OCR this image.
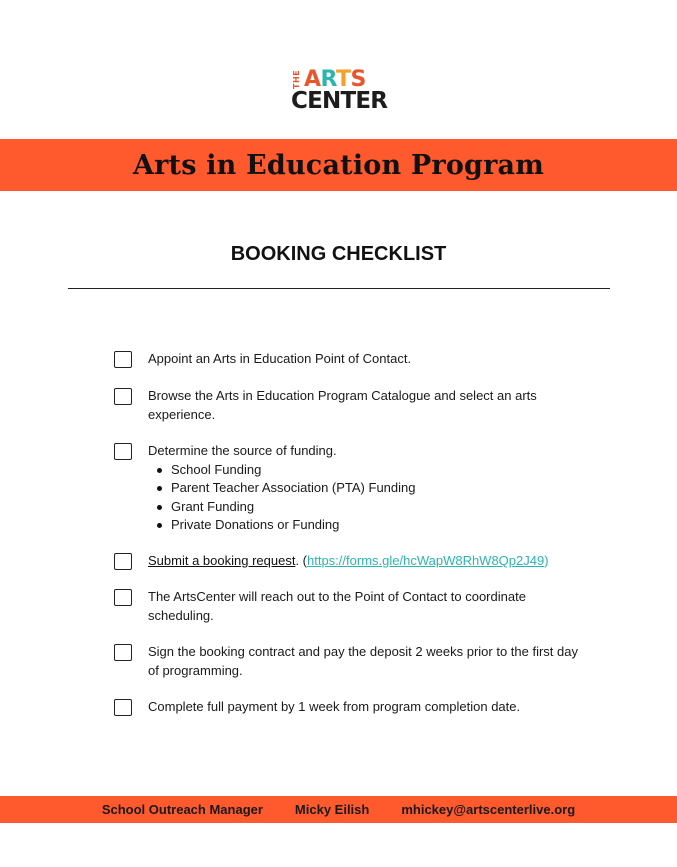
THE ARTS
CENTER
Arts in Education Program
BOOKING CHECKLIST
Appoint an Arts in Education Point of Contact.
Browse the Arts in Education Program Catalogue and select an arts experience.
Determine the source of funding.
School Funding
Parent Teacher Association (PTA) Funding
Grant Funding
Private Donations or Funding
Submit a booking request. (https://forms.gle/hcWapW8RhW8Qp2J49)
The ArtsCenter will reach out to the Point of Contact to coordinate scheduling.
Sign the booking contract and pay the deposit 2 weeks prior to the first day of programming.
Complete full payment by 1 week from program completion date.
School Outreach Manager Micky Eilish mhickey@artscenterlive.org
